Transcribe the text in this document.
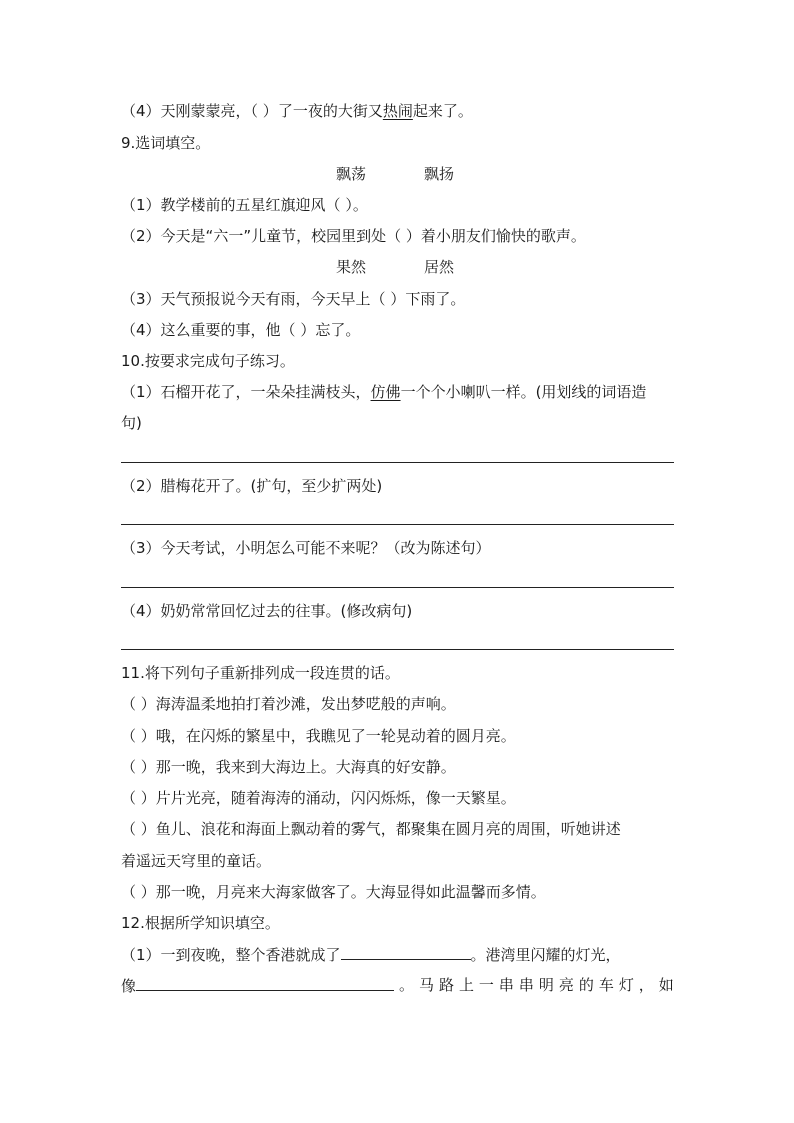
（4）天刚蒙蒙亮，（ ）了一夜的大街又热闹起来了。
9.选词填空。
飘荡	飘扬
（1）教学楼前的五星红旗迎风（ ）。
（2）今天是“六一”儿童节，校园里到处（ ）着小朋友们愉快的歌声。
果然	居然
（3）天气预报说今天有雨，今天早上（ ）下雨了。
（4）这么重要的事，他（ ）忘了。
10.按要求完成句子练习。
（1）石榴开花了，一朵朵挂满枝头，仿佛一个个小喇叭一样。(用划线的词语造
句)
（2）腊梅花开了。(扩句，至少扩两处)
（3）今天考试，小明怎么可能不来呢？（改为陈述句）
（4）奶奶常常回忆过去的往事。(修改病句)
11.将下列句子重新排列成一段连贯的话。
（ ）海涛温柔地拍打着沙滩，发出梦呓般的声响。
（ ）哦，在闪烁的繁星中，我瞧见了一轮晃动着的圆月亮。
（ ）那一晚，我来到大海边上。大海真的好安静。
（ ）片片光亮，随着海涛的涌动，闪闪烁烁，像一天繁星。
（ ）鱼儿、浪花和海面上飘动着的雾气，都聚集在圆月亮的周围，听她讲述
着遥远天穹里的童话。
（ ）那一晚，月亮来大海家做客了。大海显得如此温馨而多情。
12.根据所学知识填空。
（1）一到夜晚，整个香港就成了	。港湾里闪耀的灯光，
像	。 马 路 上 一 串 串 明 亮 的 车 灯 ， 如
